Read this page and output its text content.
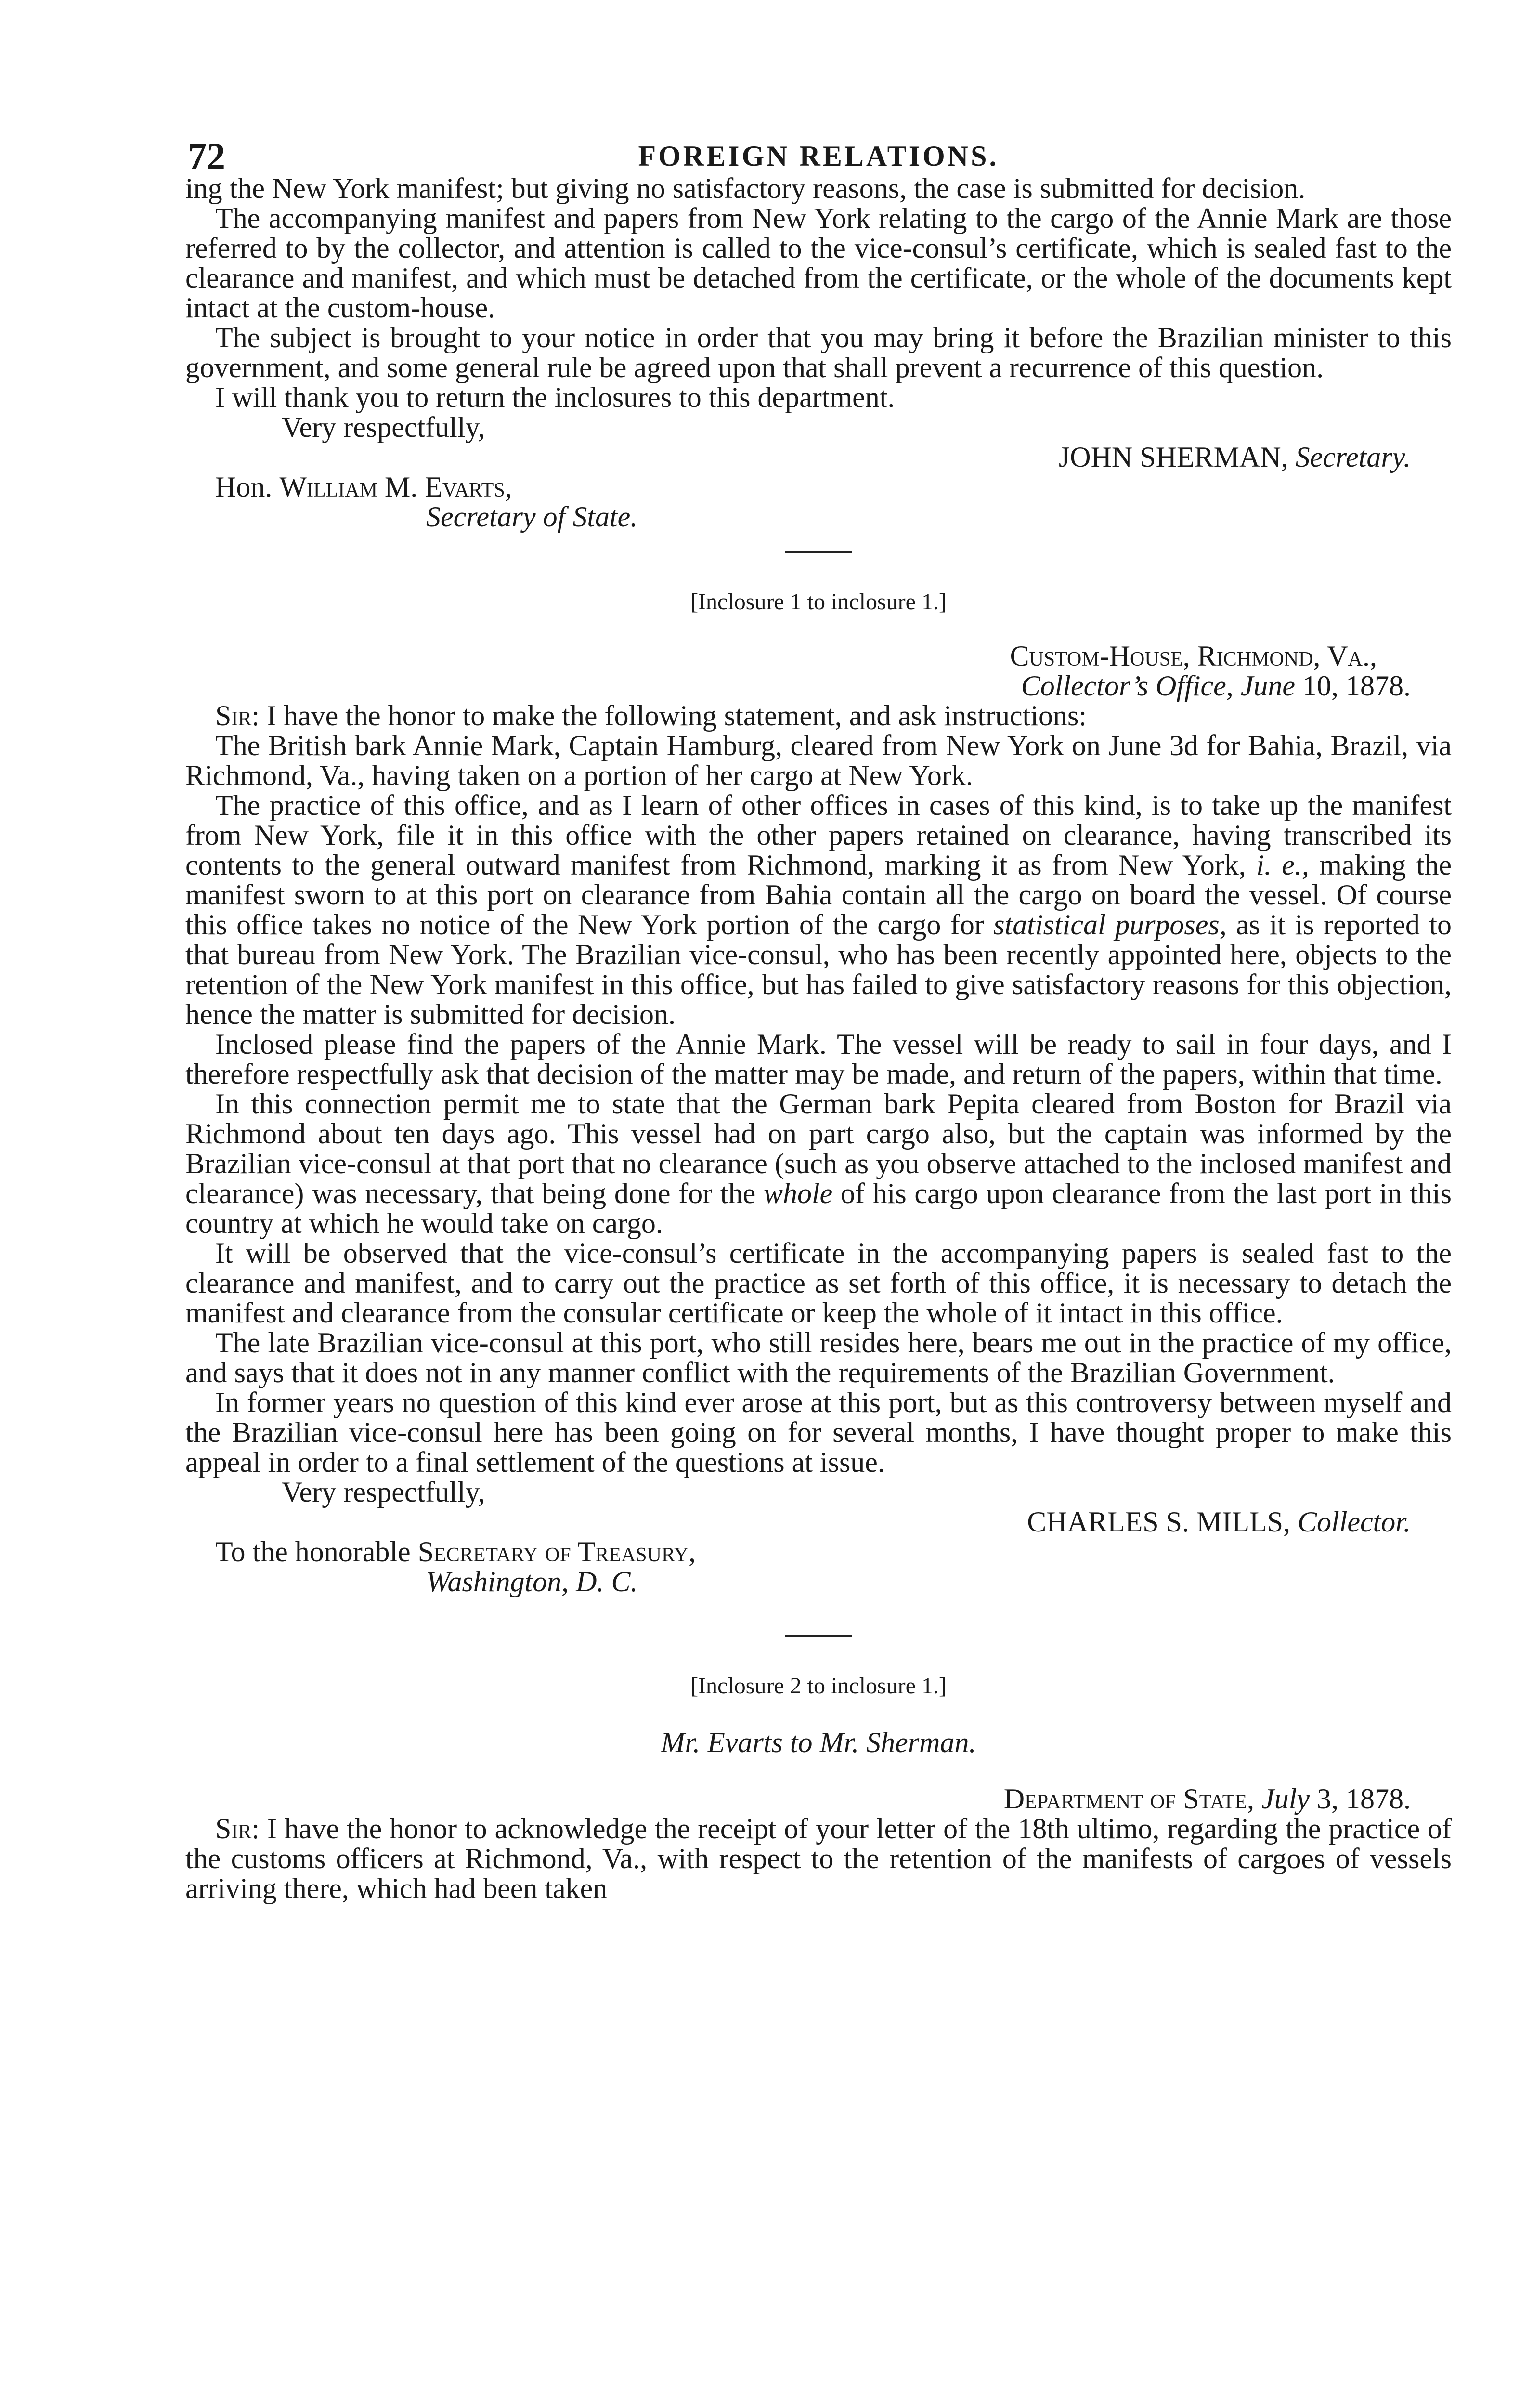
72	FOREIGN RELATIONS.

ing the New York manifest; but giving no satisfactory reasons, the case is submitted for decision.

The accompanying manifest and papers from New York relating to the cargo of the Annie Mark are those referred to by the collector, and attention is called to the vice-consul’s certificate, which is sealed fast to the clearance and manifest, and which must be detached from the certificate, or the whole of the documents kept intact at the custom-house.

The subject is brought to your notice in order that you may bring it before the Brazilian minister to this government, and some general rule be agreed upon that shall prevent a recurrence of this question.

I will thank you to return the inclosures to this department.

Very respectfully,

JOHN SHERMAN, Secretary.

Hon. William M. Evarts,

Secretary of State.

[Inclosure 1 to inclosure 1.]

Custom-House, Richmond, Va.,

Collector’s Office, June 10, 1878.

Sir: I have the honor to make the following statement, and ask instructions:

The British bark Annie Mark, Captain Hamburg, cleared from New York on June 3d for Bahia, Brazil, via Richmond, Va., having taken on a portion of her cargo at New York.

The practice of this office, and as I learn of other offices in cases of this kind, is to take up the manifest from New York, file it in this office with the other papers retained on clearance, having transcribed its contents to the general outward manifest from Richmond, marking it as from New York, i. e., making the manifest sworn to at this port on clearance from Bahia contain all the cargo on board the vessel. Of course this office takes no notice of the New York portion of the cargo for statistical purposes, as it is reported to that bureau from New York. The Brazilian vice-consul, who has been recently appointed here, objects to the retention of the New York manifest in this office, but has failed to give satisfactory reasons for this objection, hence the matter is submitted for decision.

Inclosed please find the papers of the Annie Mark. The vessel will be ready to sail in four days, and I therefore respectfully ask that decision of the matter may be made, and return of the papers, within that time.

In this connection permit me to state that the German bark Pepita cleared from Boston for Brazil via Richmond about ten days ago. This vessel had on part cargo also, but the captain was informed by the Brazilian vice-consul at that port that no clearance (such as you observe attached to the inclosed manifest and clearance) was necessary, that being done for the whole of his cargo upon clearance from the last port in this country at which he would take on cargo.

It will be observed that the vice-consul’s certificate in the accompanying papers is sealed fast to the clearance and manifest, and to carry out the practice as set forth of this office, it is necessary to detach the manifest and clearance from the consular certificate or keep the whole of it intact in this office.

The late Brazilian vice-consul at this port, who still resides here, bears me out in the practice of my office, and says that it does not in any manner conflict with the requirements of the Brazilian Government.

In former years no question of this kind ever arose at this port, but as this controversy between myself and the Brazilian vice-consul here has been going on for several months, I have thought proper to make this appeal in order to a final settlement of the questions at issue.

Very respectfully,

CHARLES S. MILLS, Collector.

To the honorable Secretary of Treasury,

Washington, D. C.

[Inclosure 2 to inclosure 1.]

Mr. Evarts to Mr. Sherman.

Department of State, July 3, 1878.

Sir: I have the honor to acknowledge the receipt of your letter of the 18th ultimo, regarding the practice of the customs officers at Richmond, Va., with respect to the retention of the manifests of cargoes of vessels arriving there, which had been taken
